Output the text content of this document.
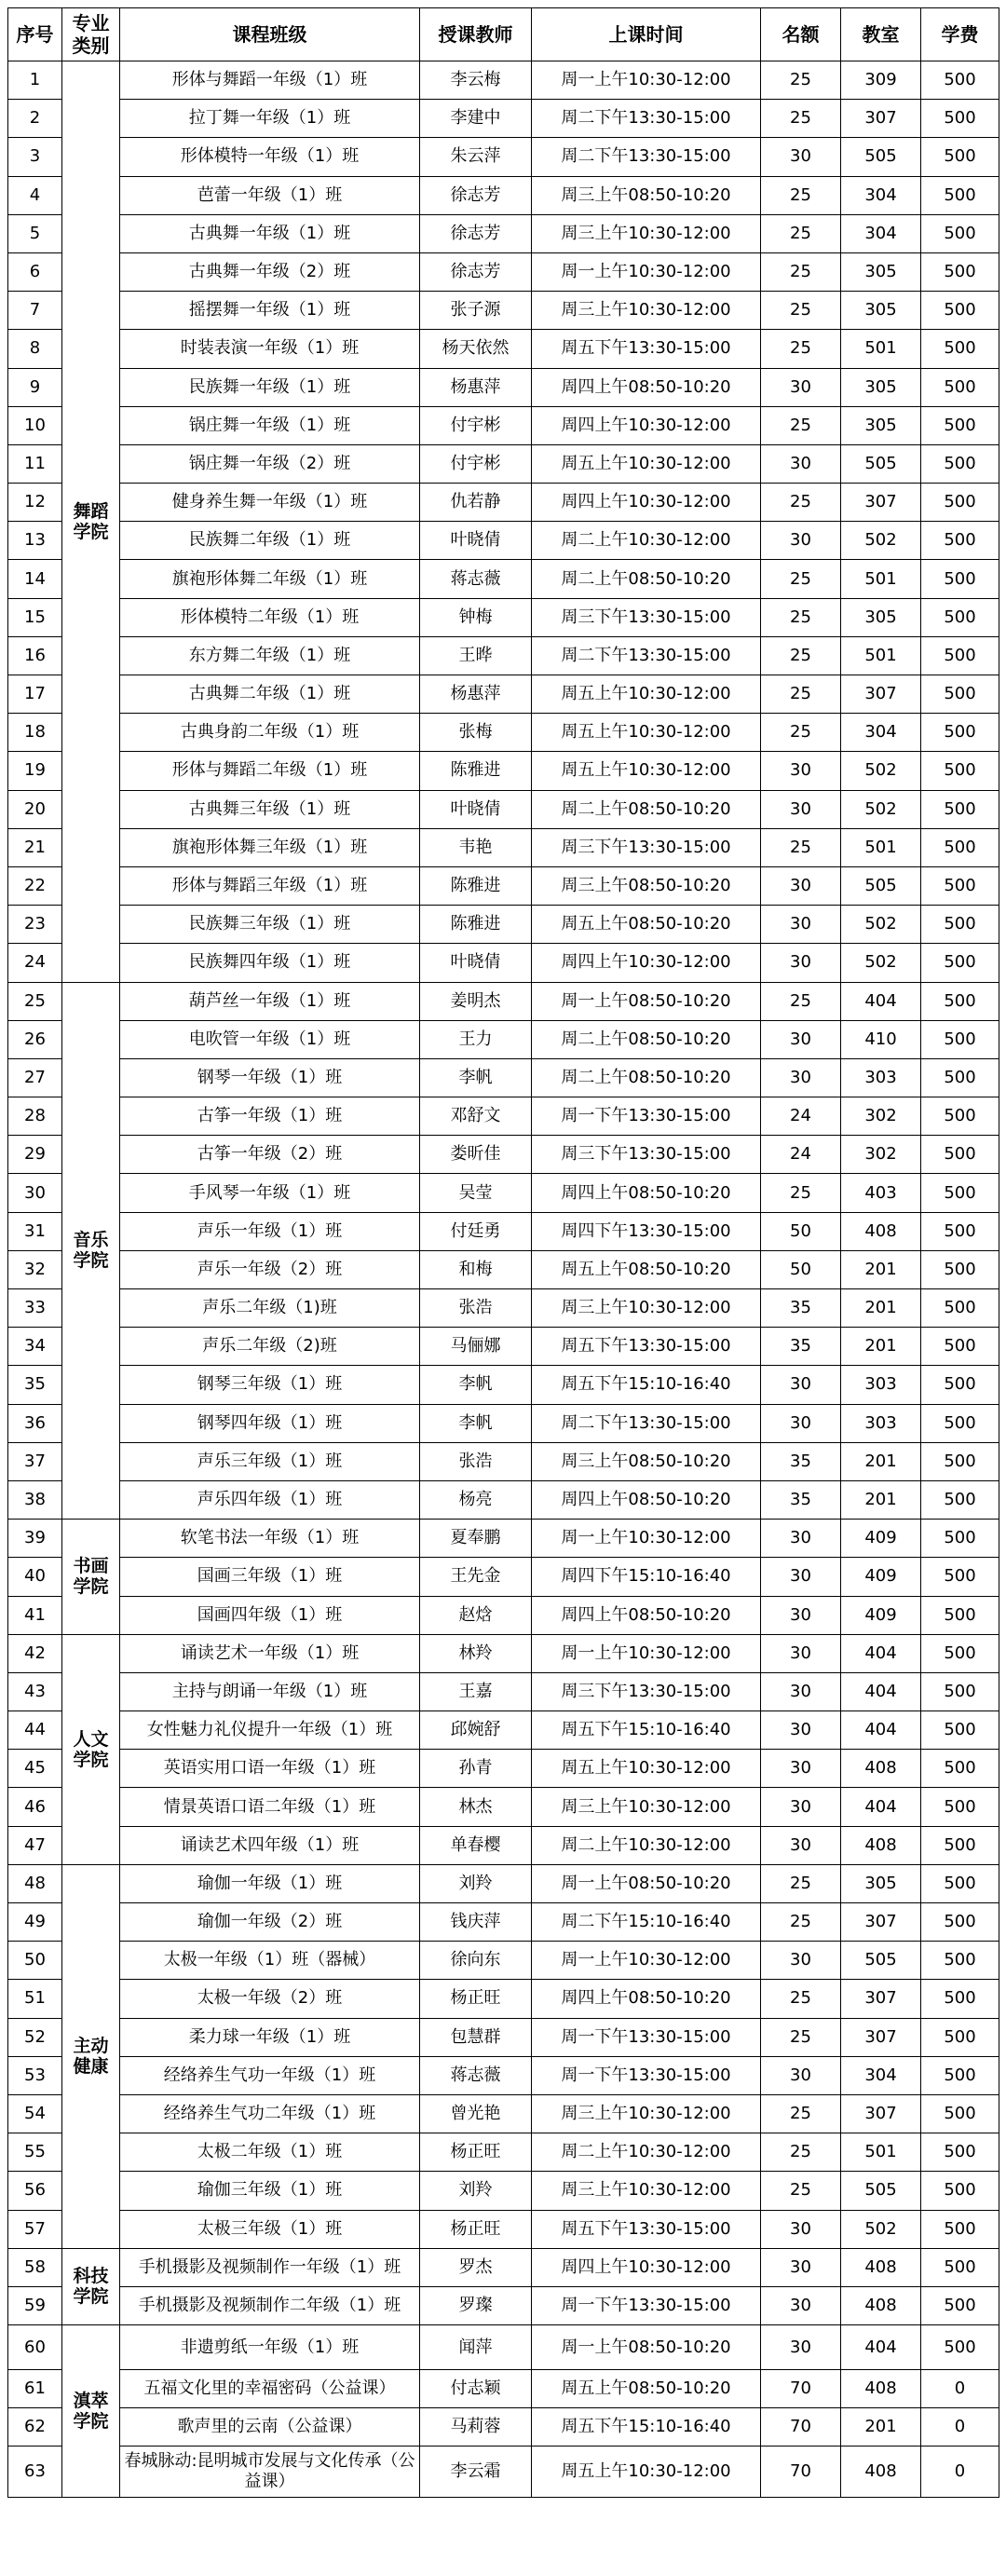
序号	专业类别	课程班级	授课教师	上课时间	名额	教室	学费
1	舞蹈学院	形体与舞蹈一年级（1）班	李云梅	周一上午10:30-12:00	25	309	500
2		拉丁舞一年级（1）班	李建中	周二下午13:30-15:00	25	307	500
3		形体模特一年级（1）班	朱云萍	周二下午13:30-15:00	30	505	500
4		芭蕾一年级（1）班	徐志芳	周三上午08:50-10:20	25	304	500
5		古典舞一年级（1）班	徐志芳	周三上午10:30-12:00	25	304	500
6		古典舞一年级（2）班	徐志芳	周一上午10:30-12:00	25	305	500
7		摇摆舞一年级（1）班	张子源	周三上午10:30-12:00	25	305	500
8		时装表演一年级（1）班	杨天依然	周五下午13:30-15:00	25	501	500
9		民族舞一年级（1）班	杨惠萍	周四上午08:50-10:20	30	305	500
10		锅庄舞一年级（1）班	付宇彬	周四上午10:30-12:00	25	305	500
11		锅庄舞一年级（2）班	付宇彬	周五上午10:30-12:00	30	505	500
12		健身养生舞一年级（1）班	仇若静	周四上午10:30-12:00	25	307	500
13		民族舞二年级（1）班	叶晓倩	周二上午10:30-12:00	30	502	500
14		旗袍形体舞二年级（1）班	蒋志薇	周二上午08:50-10:20	25	501	500
15		形体模特二年级（1）班	钟梅	周三下午13:30-15:00	25	305	500
16		东方舞二年级（1）班	王晔	周二下午13:30-15:00	25	501	500
17		古典舞二年级（1）班	杨惠萍	周五上午10:30-12:00	25	307	500
18		古典身韵二年级（1）班	张梅	周五上午10:30-12:00	25	304	500
19		形体与舞蹈二年级（1）班	陈雅进	周五上午10:30-12:00	30	502	500
20		古典舞三年级（1）班	叶晓倩	周二上午08:50-10:20	30	502	500
21		旗袍形体舞三年级（1）班	韦艳	周三下午13:30-15:00	25	501	500
22		形体与舞蹈三年级（1）班	陈雅进	周三上午08:50-10:20	30	505	500
23		民族舞三年级（1）班	陈雅进	周五上午08:50-10:20	30	502	500
24		民族舞四年级（1）班	叶晓倩	周四上午10:30-12:00	30	502	500
25	音乐学院	葫芦丝一年级（1）班	姜明杰	周一上午08:50-10:20	25	404	500
26		电吹管一年级（1）班	王力	周二上午08:50-10:20	30	410	500
27		钢琴一年级（1）班	李帆	周二上午08:50-10:20	30	303	500
28		古筝一年级（1）班	邓舒文	周一下午13:30-15:00	24	302	500
29		古筝一年级（2）班	娄昕佳	周三下午13:30-15:00	24	302	500
30		手风琴一年级（1）班	吴莹	周四上午08:50-10:20	25	403	500
31		声乐一年级（1）班	付廷勇	周四下午13:30-15:00	50	408	500
32		声乐一年级（2）班	和梅	周五上午08:50-10:20	50	201	500
33		声乐二年级（1)班	张浩	周三上午10:30-12:00	35	201	500
34		声乐二年级（2)班	马俪娜	周五下午13:30-15:00	35	201	500
35		钢琴三年级（1）班	李帆	周五下午15:10-16:40	30	303	500
36		钢琴四年级（1）班	李帆	周二下午13:30-15:00	30	303	500
37		声乐三年级（1）班	张浩	周三上午08:50-10:20	35	201	500
38		声乐四年级（1）班	杨亮	周四上午08:50-10:20	35	201	500
39	书画学院	软笔书法一年级（1）班	夏奉鹏	周一上午10:30-12:00	30	409	500
40		国画三年级（1）班	王先金	周四下午15:10-16:40	30	409	500
41		国画四年级（1）班	赵焓	周四上午08:50-10:20	30	409	500
42	人文学院	诵读艺术一年级（1）班	林羚	周一上午10:30-12:00	30	404	500
43		主持与朗诵一年级（1）班	王嘉	周三下午13:30-15:00	30	404	500
44		女性魅力礼仪提升一年级（1）班	邱婉舒	周五下午15:10-16:40	30	404	500
45		英语实用口语一年级（1）班	孙青	周五上午10:30-12:00	30	408	500
46		情景英语口语二年级（1）班	林杰	周三上午10:30-12:00	30	404	500
47		诵读艺术四年级（1）班	单春樱	周二上午10:30-12:00	30	408	500
48	主动健康	瑜伽一年级（1）班	刘羚	周一上午08:50-10:20	25	305	500
49		瑜伽一年级（2）班	钱庆萍	周二下午15:10-16:40	25	307	500
50		太极一年级（1）班（器械）	徐向东	周一上午10:30-12:00	30	505	500
51		太极一年级（2）班	杨正旺	周四上午08:50-10:20	25	307	500
52		柔力球一年级（1）班	包慧群	周一下午13:30-15:00	25	307	500
53		经络养生气功一年级（1）班	蒋志薇	周一下午13:30-15:00	30	304	500
54		经络养生气功二年级（1）班	曾光艳	周三上午10:30-12:00	25	307	500
55		太极二年级（1）班	杨正旺	周二上午10:30-12:00	25	501	500
56		瑜伽三年级（1）班	刘羚	周三上午10:30-12:00	25	505	500
57		太极三年级（1）班	杨正旺	周五下午13:30-15:00	30	502	500
58	科技学院	手机摄影及视频制作一年级（1）班	罗杰	周四上午10:30-12:00	30	408	500
59		手机摄影及视频制作二年级（1）班	罗璨	周一下午13:30-15:00	30	408	500
60	滇萃学院	非遗剪纸一年级（1）班	闻萍	周一上午08:50-10:20	30	404	500
61		五福文化里的幸福密码（公益课）	付志颖	周五上午08:50-10:20	70	408	0
62		歌声里的云南（公益课）	马莉蓉	周五下午15:10-16:40	70	201	0
63		春城脉动:昆明城市发展与文化传承（公益课）	李云霜	周五上午10:30-12:00	70	408	0
